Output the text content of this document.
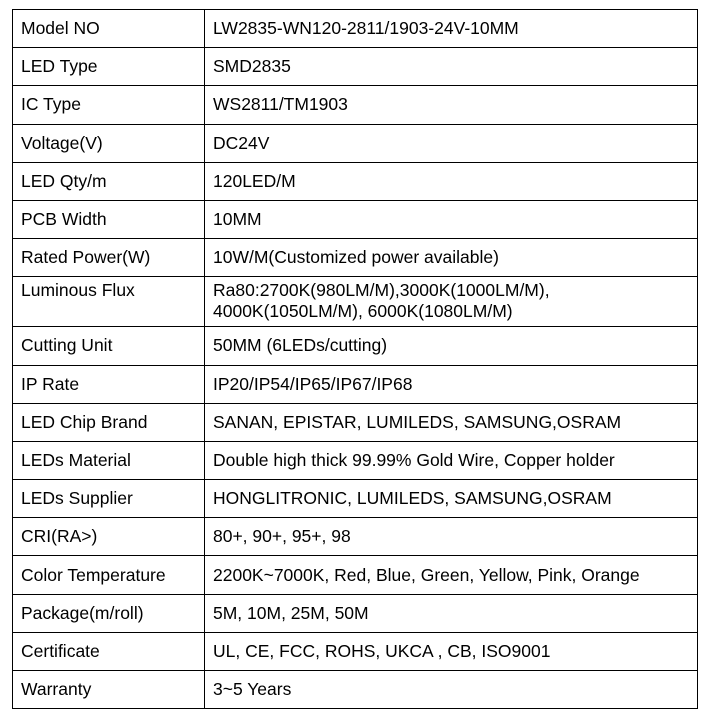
Model NO	LW2835-WN120-2811/1903-24V-10MM
LED Type	SMD2835
IC Type	WS2811/TM1903
Voltage(V)	DC24V
LED Qty/m	120LED/M
PCB Width	10MM
Rated Power(W)	10W/M(Customized power available)
Luminous Flux	Ra80:2700K(980LM/M),3000K(1000LM/M),
4000K(1050LM/M), 6000K(1080LM/M)

Cutting Unit	50MM (6LEDs/cutting)
IP Rate	IP20/IP54/IP65/IP67/IP68
LED Chip Brand	SANAN, EPISTAR, LUMILEDS, SAMSUNG,OSRAM
LEDs Material	Double high thick 99.99% Gold Wire, Copper holder
LEDs Supplier	HONGLITRONIC, LUMILEDS, SAMSUNG,OSRAM
CRI(RA>)	80+, 90+, 95+, 98
Color Temperature	2200K~7000K, Red, Blue, Green, Yellow, Pink, Orange
Package(m/roll)	5M, 10M, 25M, 50M
Certificate	UL, CE, FCC, ROHS, UKCA , CB, ISO9001
Warranty	3~5 Years
